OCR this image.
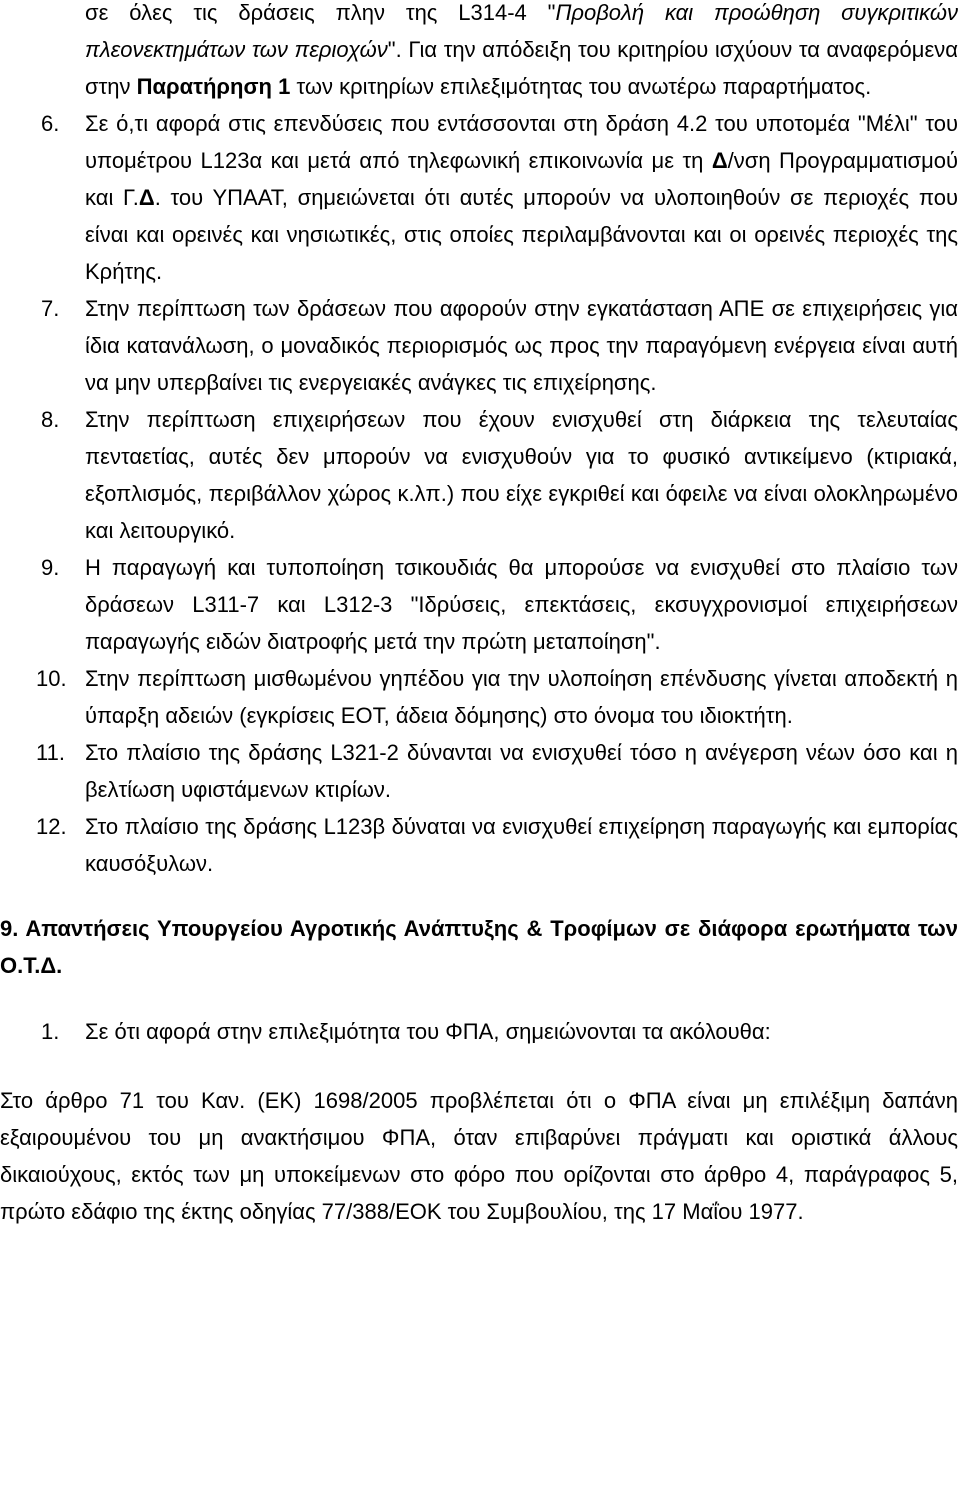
σε όλες τις δράσεις πλην της L314-4 "Προβολή και προώθηση συγκριτικών πλεονεκτημάτων των περιοχών". Για την απόδειξη του κριτηρίου ισχύουν τα αναφερόμενα στην Παρατήρηση 1 των κριτηρίων επιλεξιμότητας του ανωτέρω παραρτήματος.

6.	Σε ό,τι αφορά στις επενδύσεις που εντάσσονται στη δράση 4.2 του υποτομέα "Μέλι" του υπομέτρου L123α και μετά από τηλεφωνική επικοινωνία με τη Δ/νση Προγραμματισμού και Γ.Δ. του ΥΠΑΑΤ, σημειώνεται ότι αυτές μπορούν να υλοποιηθούν σε περιοχές που είναι και ορεινές και νησιωτικές, στις οποίες περιλαμβάνονται και οι ορεινές περιοχές της Κρήτης.
7.	Στην περίπτωση των δράσεων που αφορούν στην εγκατάσταση ΑΠΕ σε επιχειρήσεις για ίδια κατανάλωση, ο μοναδικός περιορισμός ως προς την παραγόμενη ενέργεια είναι αυτή να μην υπερβαίνει τις ενεργειακές ανάγκες τις επιχείρησης.
8.	Στην περίπτωση επιχειρήσεων που έχουν ενισχυθεί στη διάρκεια της τελευταίας πενταετίας, αυτές δεν μπορούν να ενισχυθούν για το φυσικό αντικείμενο (κτιριακά, εξοπλισμός, περιβάλλον χώρος κ.λπ.) που είχε εγκριθεί και όφειλε να είναι ολοκληρωμένο και λειτουργικό.
9.	Η παραγωγή και τυποποίηση τσικουδιάς θα μπορούσε να ενισχυθεί στο πλαίσιο των δράσεων L311-7 και L312-3 "Ιδρύσεις, επεκτάσεις, εκσυγχρονισμοί επιχειρήσεων παραγωγής ειδών διατροφής μετά την πρώτη μεταποίηση".
10. Στην περίπτωση μισθωμένου γηπέδου για την υλοποίηση επένδυσης γίνεται αποδεκτή η ύπαρξη αδειών (εγκρίσεις ΕΟΤ, άδεια δόμησης) στο όνομα του ιδιοκτήτη.
11. Στο πλαίσιο της δράσης L321-2 δύνανται να ενισχυθεί τόσο η ανέγερση νέων όσο και η βελτίωση υφιστάμενων κτιρίων.
12. Στο πλαίσιο της δράσης L123β δύναται να ενισχυθεί επιχείρηση παραγωγής και εμπορίας καυσόξυλων.

9. Απαντήσεις Υπουργείου Αγροτικής Ανάπτυξης & Τροφίμων σε διάφορα ερωτήματα των Ο.Τ.Δ.

1.	Σε ότι αφορά στην επιλεξιμότητα του ΦΠΑ, σημειώνονται τα ακόλουθα:

Στο άρθρο 71 του Καν. (ΕΚ) 1698/2005 προβλέπεται ότι ο ΦΠΑ είναι μη επιλέξιμη δαπάνη εξαιρουμένου του μη ανακτήσιμου ΦΠΑ, όταν επιβαρύνει πράγματι και οριστικά άλλους δικαιούχους, εκτός των μη υποκείμενων στο φόρο που ορίζονται στο άρθρο 4, παράγραφος 5, πρώτο εδάφιο της έκτης οδηγίας 77/388/ΕΟΚ του Συμβουλίου, της 17 Μαΐου 1977.
